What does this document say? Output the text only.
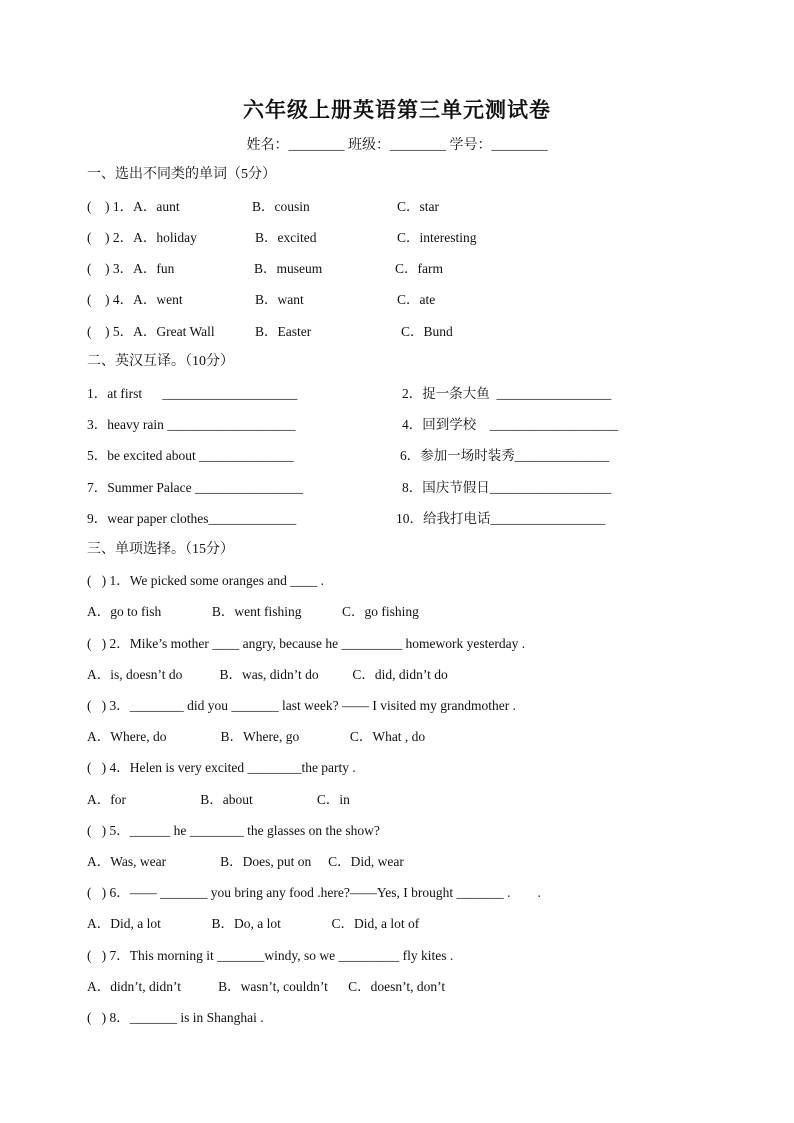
六年级上册英语第三单元测试卷
姓名：________ 班级：________ 学号：________
一、选出不同类的单词（5分）
(    ) 1．A．aunt	B．cousin	C．star
(    ) 2．A．holiday	B．excited	C．interesting
(    ) 3．A．fun	B．museum	C．farm
(    ) 4．A．went	B．want	C．ate
(    ) 5．A．Great Wall	B．Easter	C．Bund
二、英汉互译。（10分）
1．at first      ____________________	2．捉一条大鱼  _________________
3．heavy rain ___________________	4．回到学校    ___________________
5．be excited about ______________	6．参加一场时装秀______________
7．Summer Palace ________________	8．国庆节假日__________________
9．wear paper clothes_____________	10．给我打电话_________________
三、单项选择。（15分）
(   ) 1．We picked some oranges and ____ .
A．go to fish               B．went fishing            C．go fishing
(   ) 2．Mike’s mother ____ angry, because he _________ homework yesterday .
A．is, doesn’t do           B．was, didn’t do          C．did, didn’t do
(   ) 3．________ did you _______ last week? —— I visited my grandmother .
A．Where, do                B．Where, go               C．What , do
(   ) 4．Helen is very excited ________the party .
A．for                      B．about                   C．in
(   ) 5．______ he ________ the glasses on the show?
A．Was, wear                B．Does, put on     C．Did, wear
(   ) 6．—— _______ you bring any food .here?——Yes, I brought _______ .        .
A．Did, a lot               B．Do, a lot               C．Did, a lot of
(   ) 7．This morning it _______windy, so we _________ fly kites .
A．didn’t, didn’t           B．wasn’t, couldn’t      C．doesn’t, don’t
(   ) 8．_______ is in Shanghai .
